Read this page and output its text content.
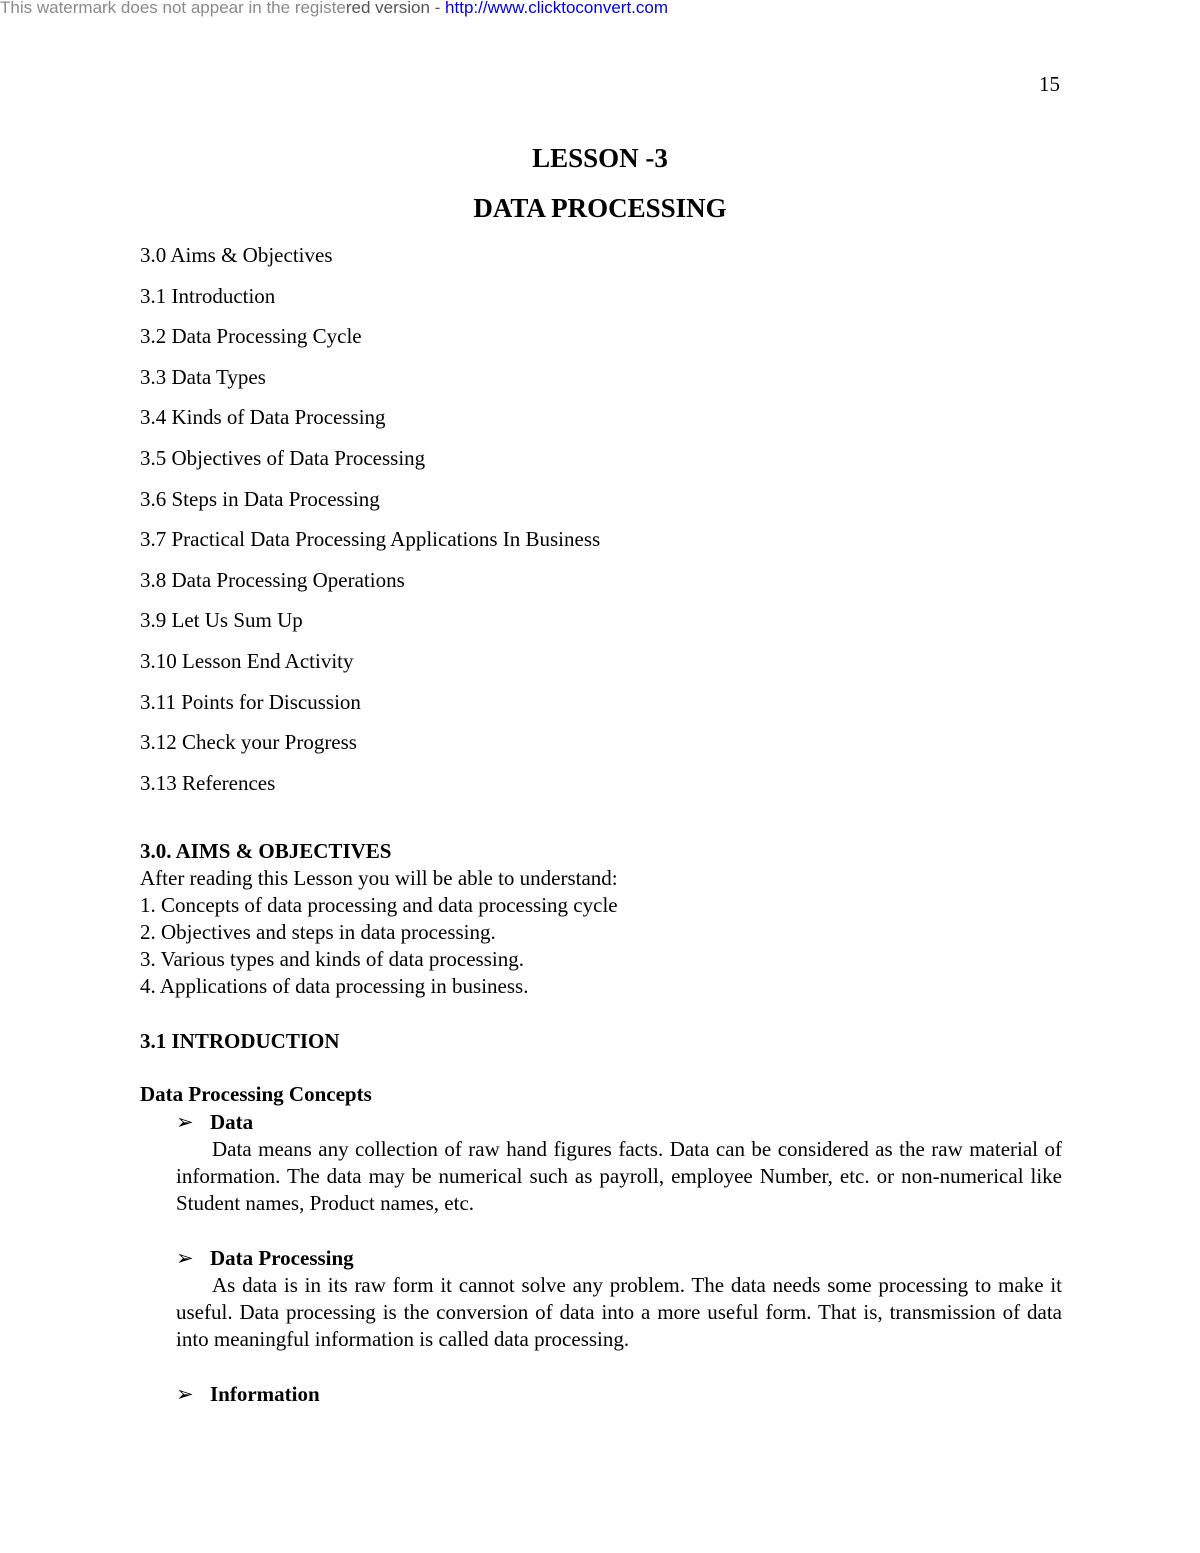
This watermark does not appear in the registered version - http://www.clicktoconvert.com
15
LESSON -3
DATA PROCESSING
3.0 Aims & Objectives
3.1 Introduction
3.2 Data Processing Cycle
3.3 Data Types
3.4 Kinds of Data Processing
3.5 Objectives of Data Processing
3.6 Steps in Data Processing
3.7 Practical Data Processing Applications In Business
3.8 Data Processing Operations
3.9 Let Us Sum Up
3.10 Lesson End Activity
3.11 Points for Discussion
3.12 Check your Progress
3.13 References
3.0. AIMS & OBJECTIVES
After reading this Lesson you will be able to understand:
1. Concepts of data processing and data processing cycle
2. Objectives and steps in data processing.
3. Various types and kinds of data processing.
4. Applications of data processing in business.
3.1 INTRODUCTION
Data Processing Concepts
➢ Data
Data means any collection of raw hand figures facts. Data can be considered as the raw material of information. The data may be numerical such as payroll, employee Number, etc. or non-numerical like Student names, Product names, etc.
➢ Data Processing
As data is in its raw form it cannot solve any problem. The data needs some processing to make it useful. Data processing is the conversion of data into a more useful form. That is, transmission of data into meaningful information is called data processing.
➢ Information
